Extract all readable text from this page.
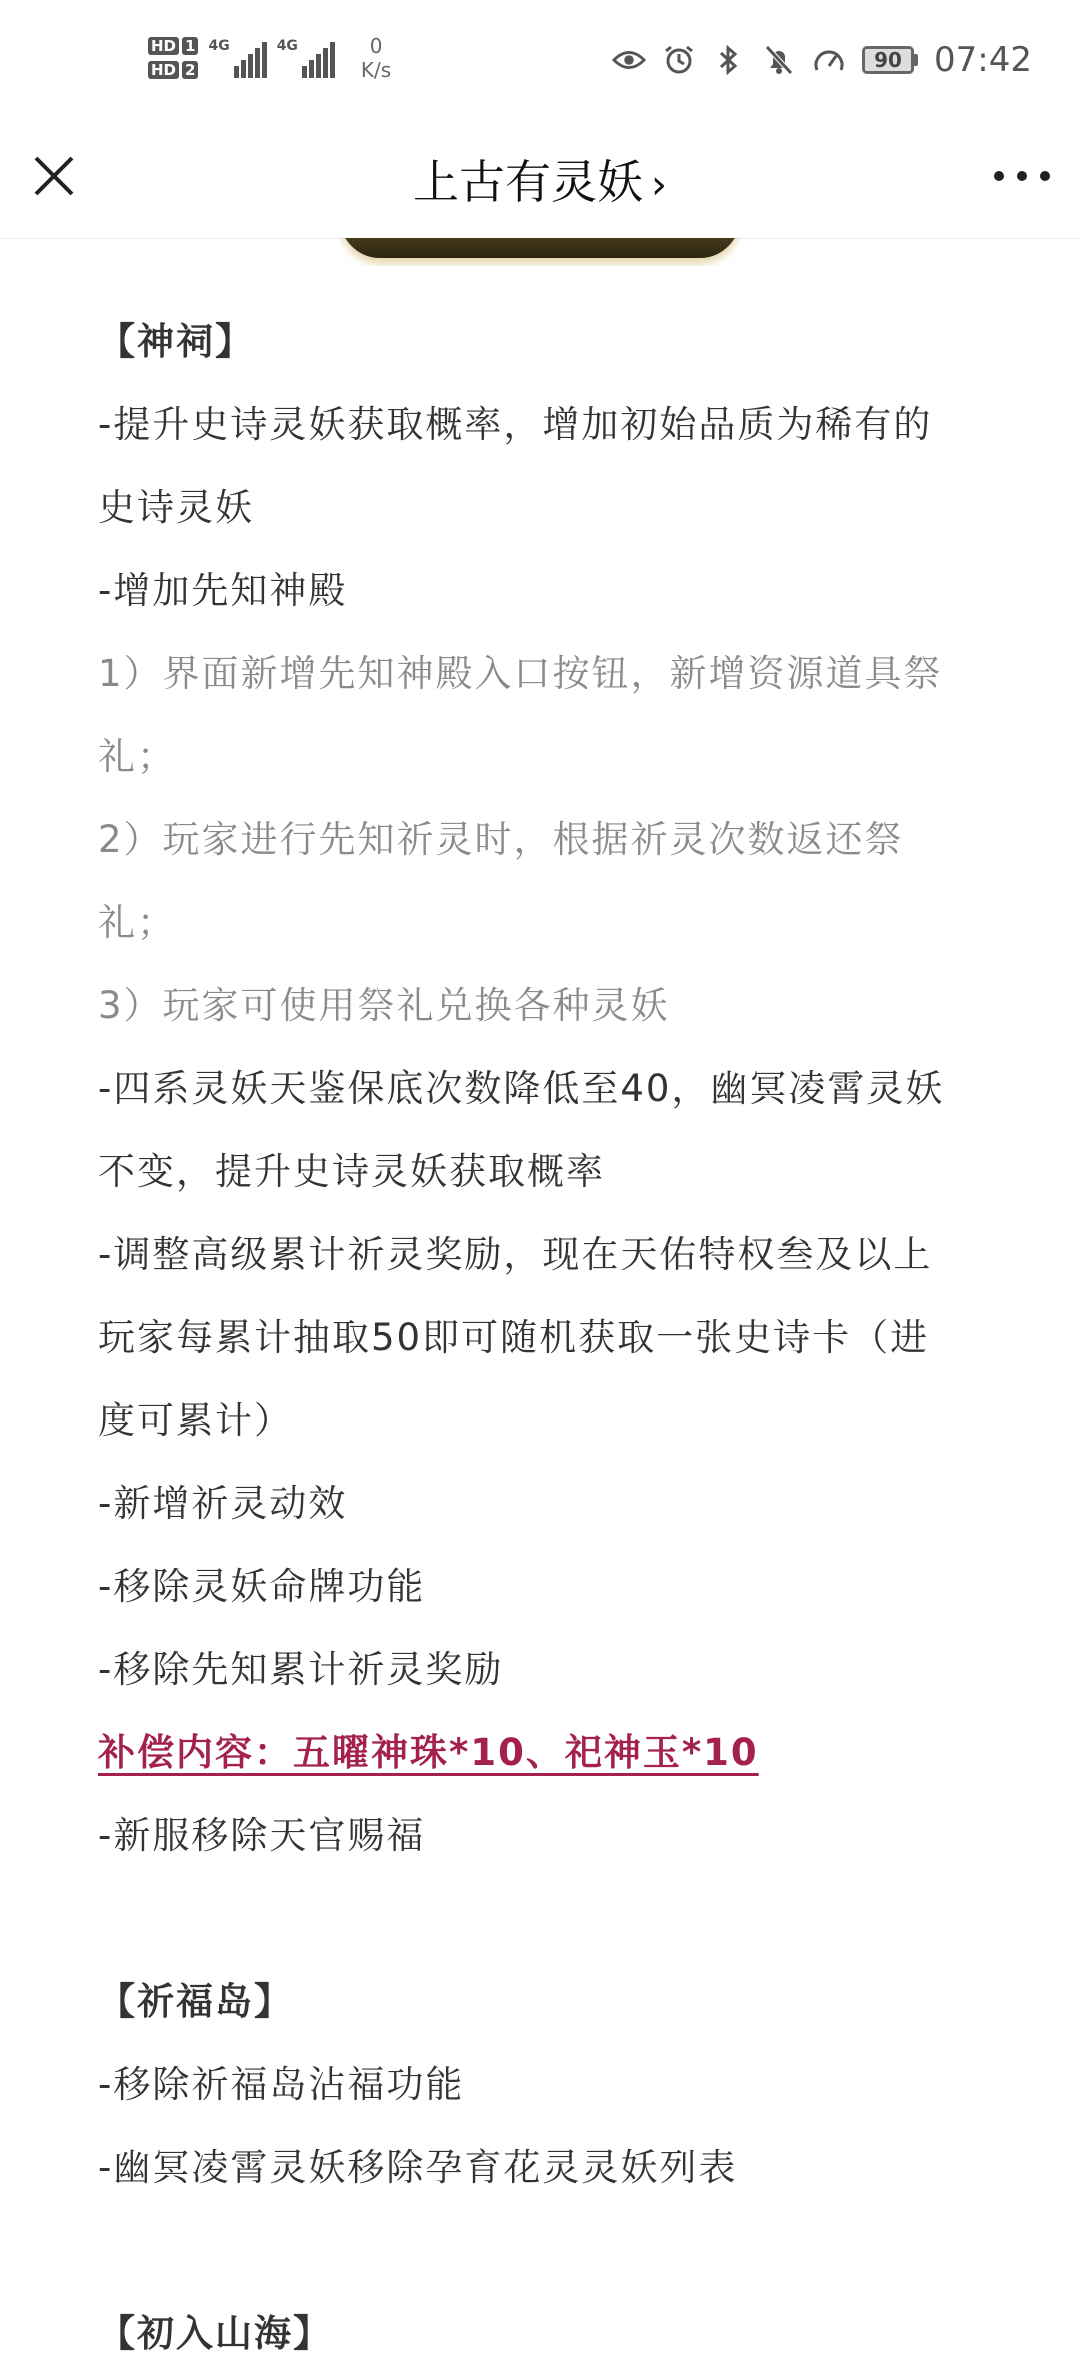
HD 1
HD 2
4G	4G	0
K/s	90 07:42
上古有灵妖 ›
【神祠】
-提升史诗灵妖获取概率，增加初始品质为稀有的
史诗灵妖
-增加先知神殿
1）界面新增先知神殿入口按钮，新增资源道具祭
礼；
2）玩家进行先知祈灵时，根据祈灵次数返还祭
礼；
3）玩家可使用祭礼兑换各种灵妖
-四系灵妖天鉴保底次数降低至40，幽冥凌霄灵妖
不变，提升史诗灵妖获取概率
-调整高级累计祈灵奖励，现在天佑特权叁及以上
玩家每累计抽取50即可随机获取一张史诗卡（进
度可累计）
-新增祈灵动效
-移除灵妖命牌功能
-移除先知累计祈灵奖励
补偿内容：五曜神珠*10、祀神玉*10
-新服移除天官赐福
【祈福岛】
-移除祈福岛沾福功能
-幽冥凌霄灵妖移除孕育花灵灵妖列表
【初入山海】
